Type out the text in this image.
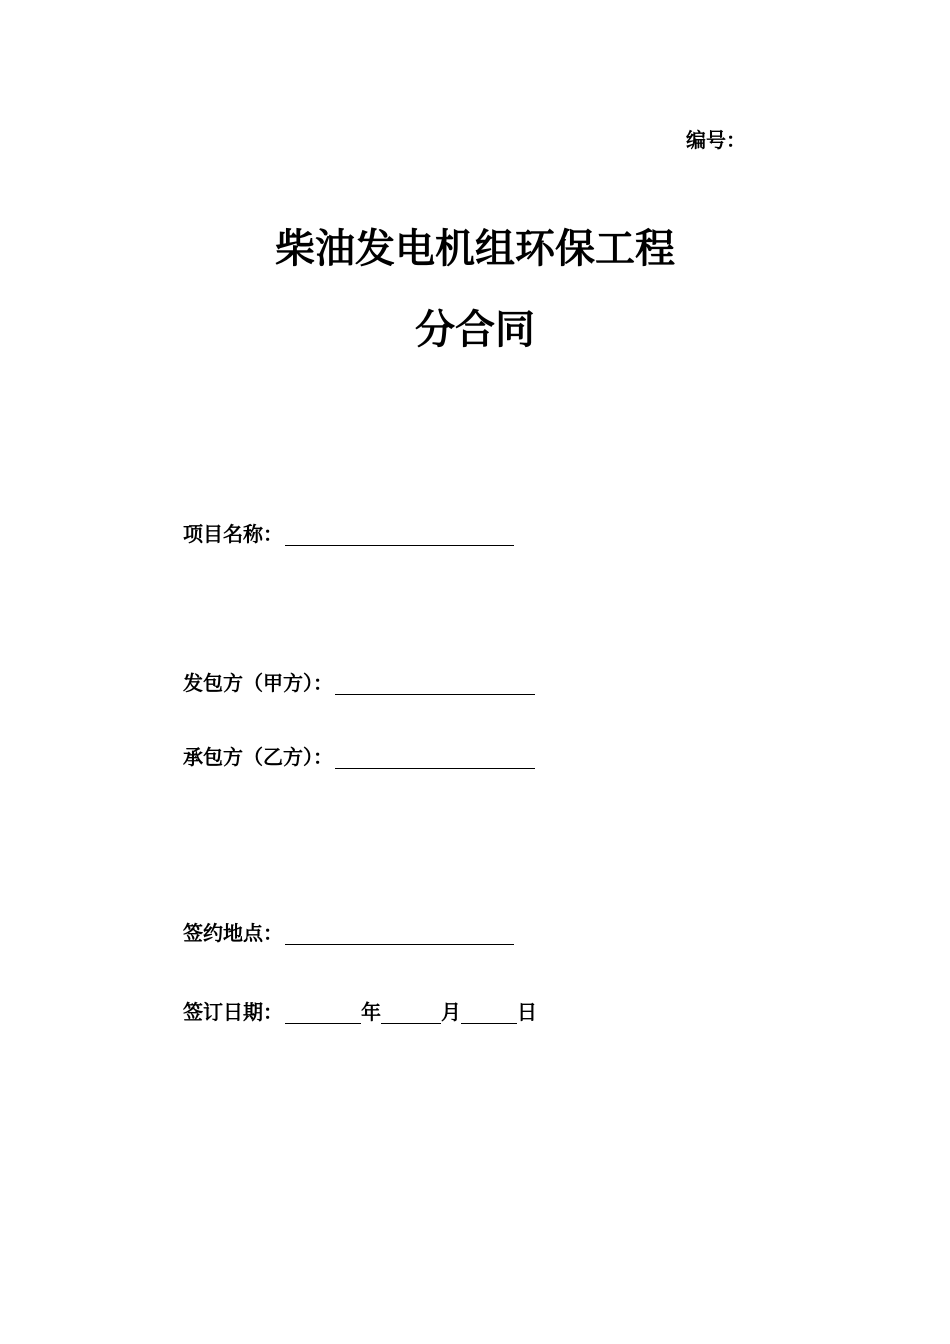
编号：
柴油发电机组环保工程
分合同
项目名称：
发包方（甲方）：
承包方（乙方）：
签约地点：
签订日期：	年	月	日
